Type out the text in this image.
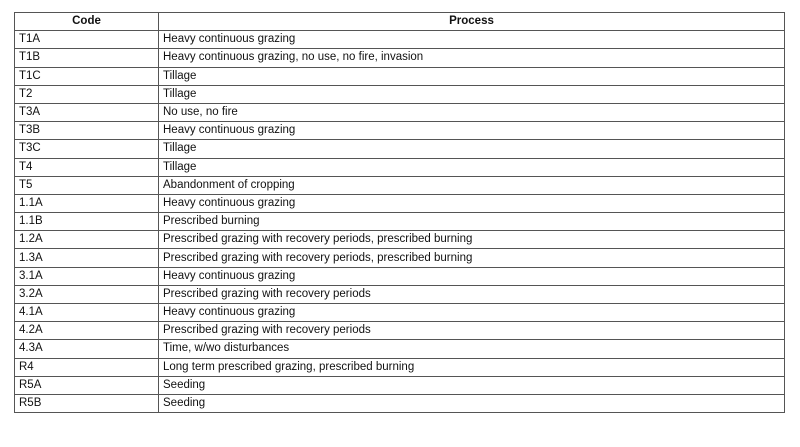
Code	Process
T1A	Heavy continuous grazing
T1B	Heavy continuous grazing, no use, no fire, invasion
T1C	Tillage
T2	Tillage
T3A	No use, no fire
T3B	Heavy continuous grazing
T3C	Tillage
T4	Tillage
T5	Abandonment of cropping
1.1A	Heavy continuous grazing
1.1B	Prescribed burning
1.2A	Prescribed grazing with recovery periods, prescribed burning
1.3A	Prescribed grazing with recovery periods, prescribed burning
3.1A	Heavy continuous grazing
3.2A	Prescribed grazing with recovery periods
4.1A	Heavy continuous grazing
4.2A	Prescribed grazing with recovery periods
4.3A	Time, w/wo disturbances
R4	Long term prescribed grazing, prescribed burning
R5A	Seeding
R5B	Seeding
